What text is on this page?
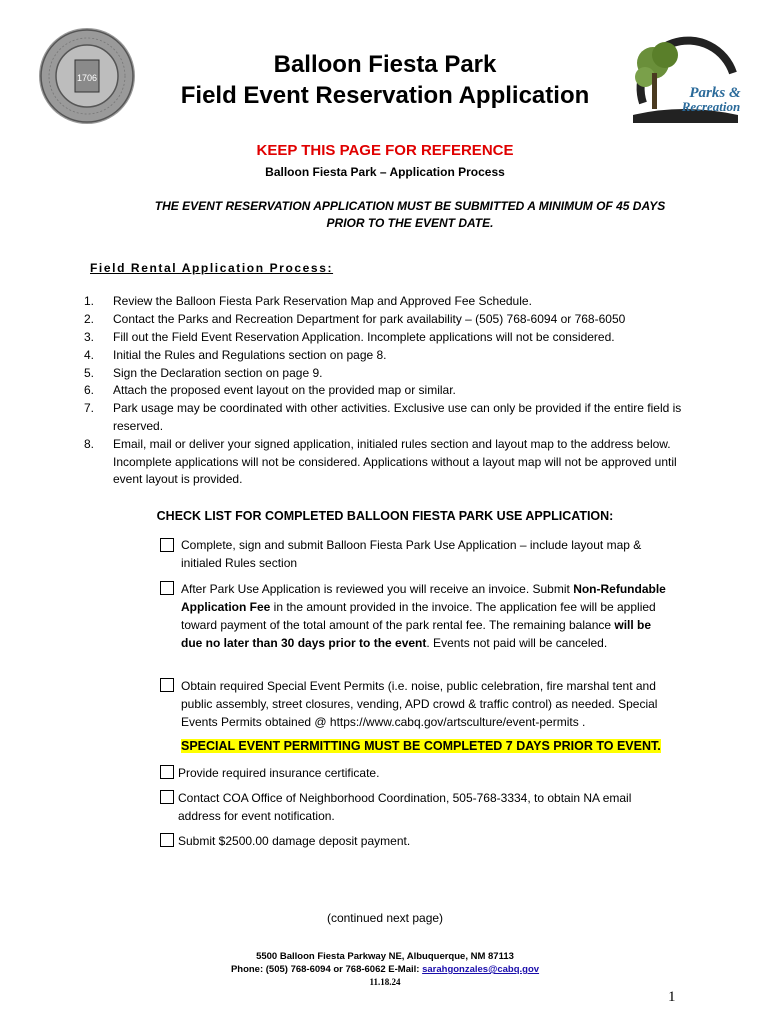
1706
Parks &
Recreation
Balloon Fiesta Park
Field Event Reservation Application
KEEP THIS PAGE FOR REFERENCE
Balloon Fiesta Park – Application Process
THE EVENT RESERVATION APPLICATION MUST BE SUBMITTED A MINIMUM OF 45 DAYS
PRIOR TO THE EVENT DATE.
Field Rental Application Process:
1.	Review the Balloon Fiesta Park Reservation Map and Approved Fee Schedule.
2.	Contact the Parks and Recreation Department for park availability – (505) 768-6094 or 768-6050
3.	Fill out the Field Event Reservation Application. Incomplete applications will not be considered.
4.	Initial the Rules and Regulations section on page 8.
5.	Sign the Declaration section on page 9.
6.	Attach the proposed event layout on the provided map or similar.
7.	Park usage may be coordinated with other activities. Exclusive use can only be provided if the entire field is reserved.
8.	Email, mail or deliver your signed application, initialed rules section and layout map to the address below. Incomplete applications will not be considered. Applications without a layout map will not be approved until event layout is provided.
CHECK LIST FOR COMPLETED BALLOON FIESTA PARK USE APPLICATION:
Complete, sign and submit Balloon Fiesta Park Use Application – include layout map & initialed Rules section
After Park Use Application is reviewed you will receive an invoice. Submit Non-Refundable Application Fee in the amount provided in the invoice. The application fee will be applied toward payment of the total amount of the park rental fee. The remaining balance will be due no later than 30 days prior to the event. Events not paid will be canceled.
Obtain required Special Event Permits (i.e. noise, public celebration, fire marshal tent and public assembly, street closures, vending, APD crowd & traffic control) as needed. Special Events Permits obtained @ https://www.cabq.gov/artsculture/event-permits .
SPECIAL EVENT PERMITTING MUST BE COMPLETED 7 DAYS PRIOR TO EVENT.
Provide required insurance certificate.
Contact COA Office of Neighborhood Coordination, 505-768-3334, to obtain NA email address for event notification.
Submit $2500.00 damage deposit payment.
(continued next page)
5500 Balloon Fiesta Parkway NE, Albuquerque, NM 87113
Phone: (505) 768-6094 or 768-6062 E-Mail: sarahgonzales@cabq.gov
11.18.24
1
